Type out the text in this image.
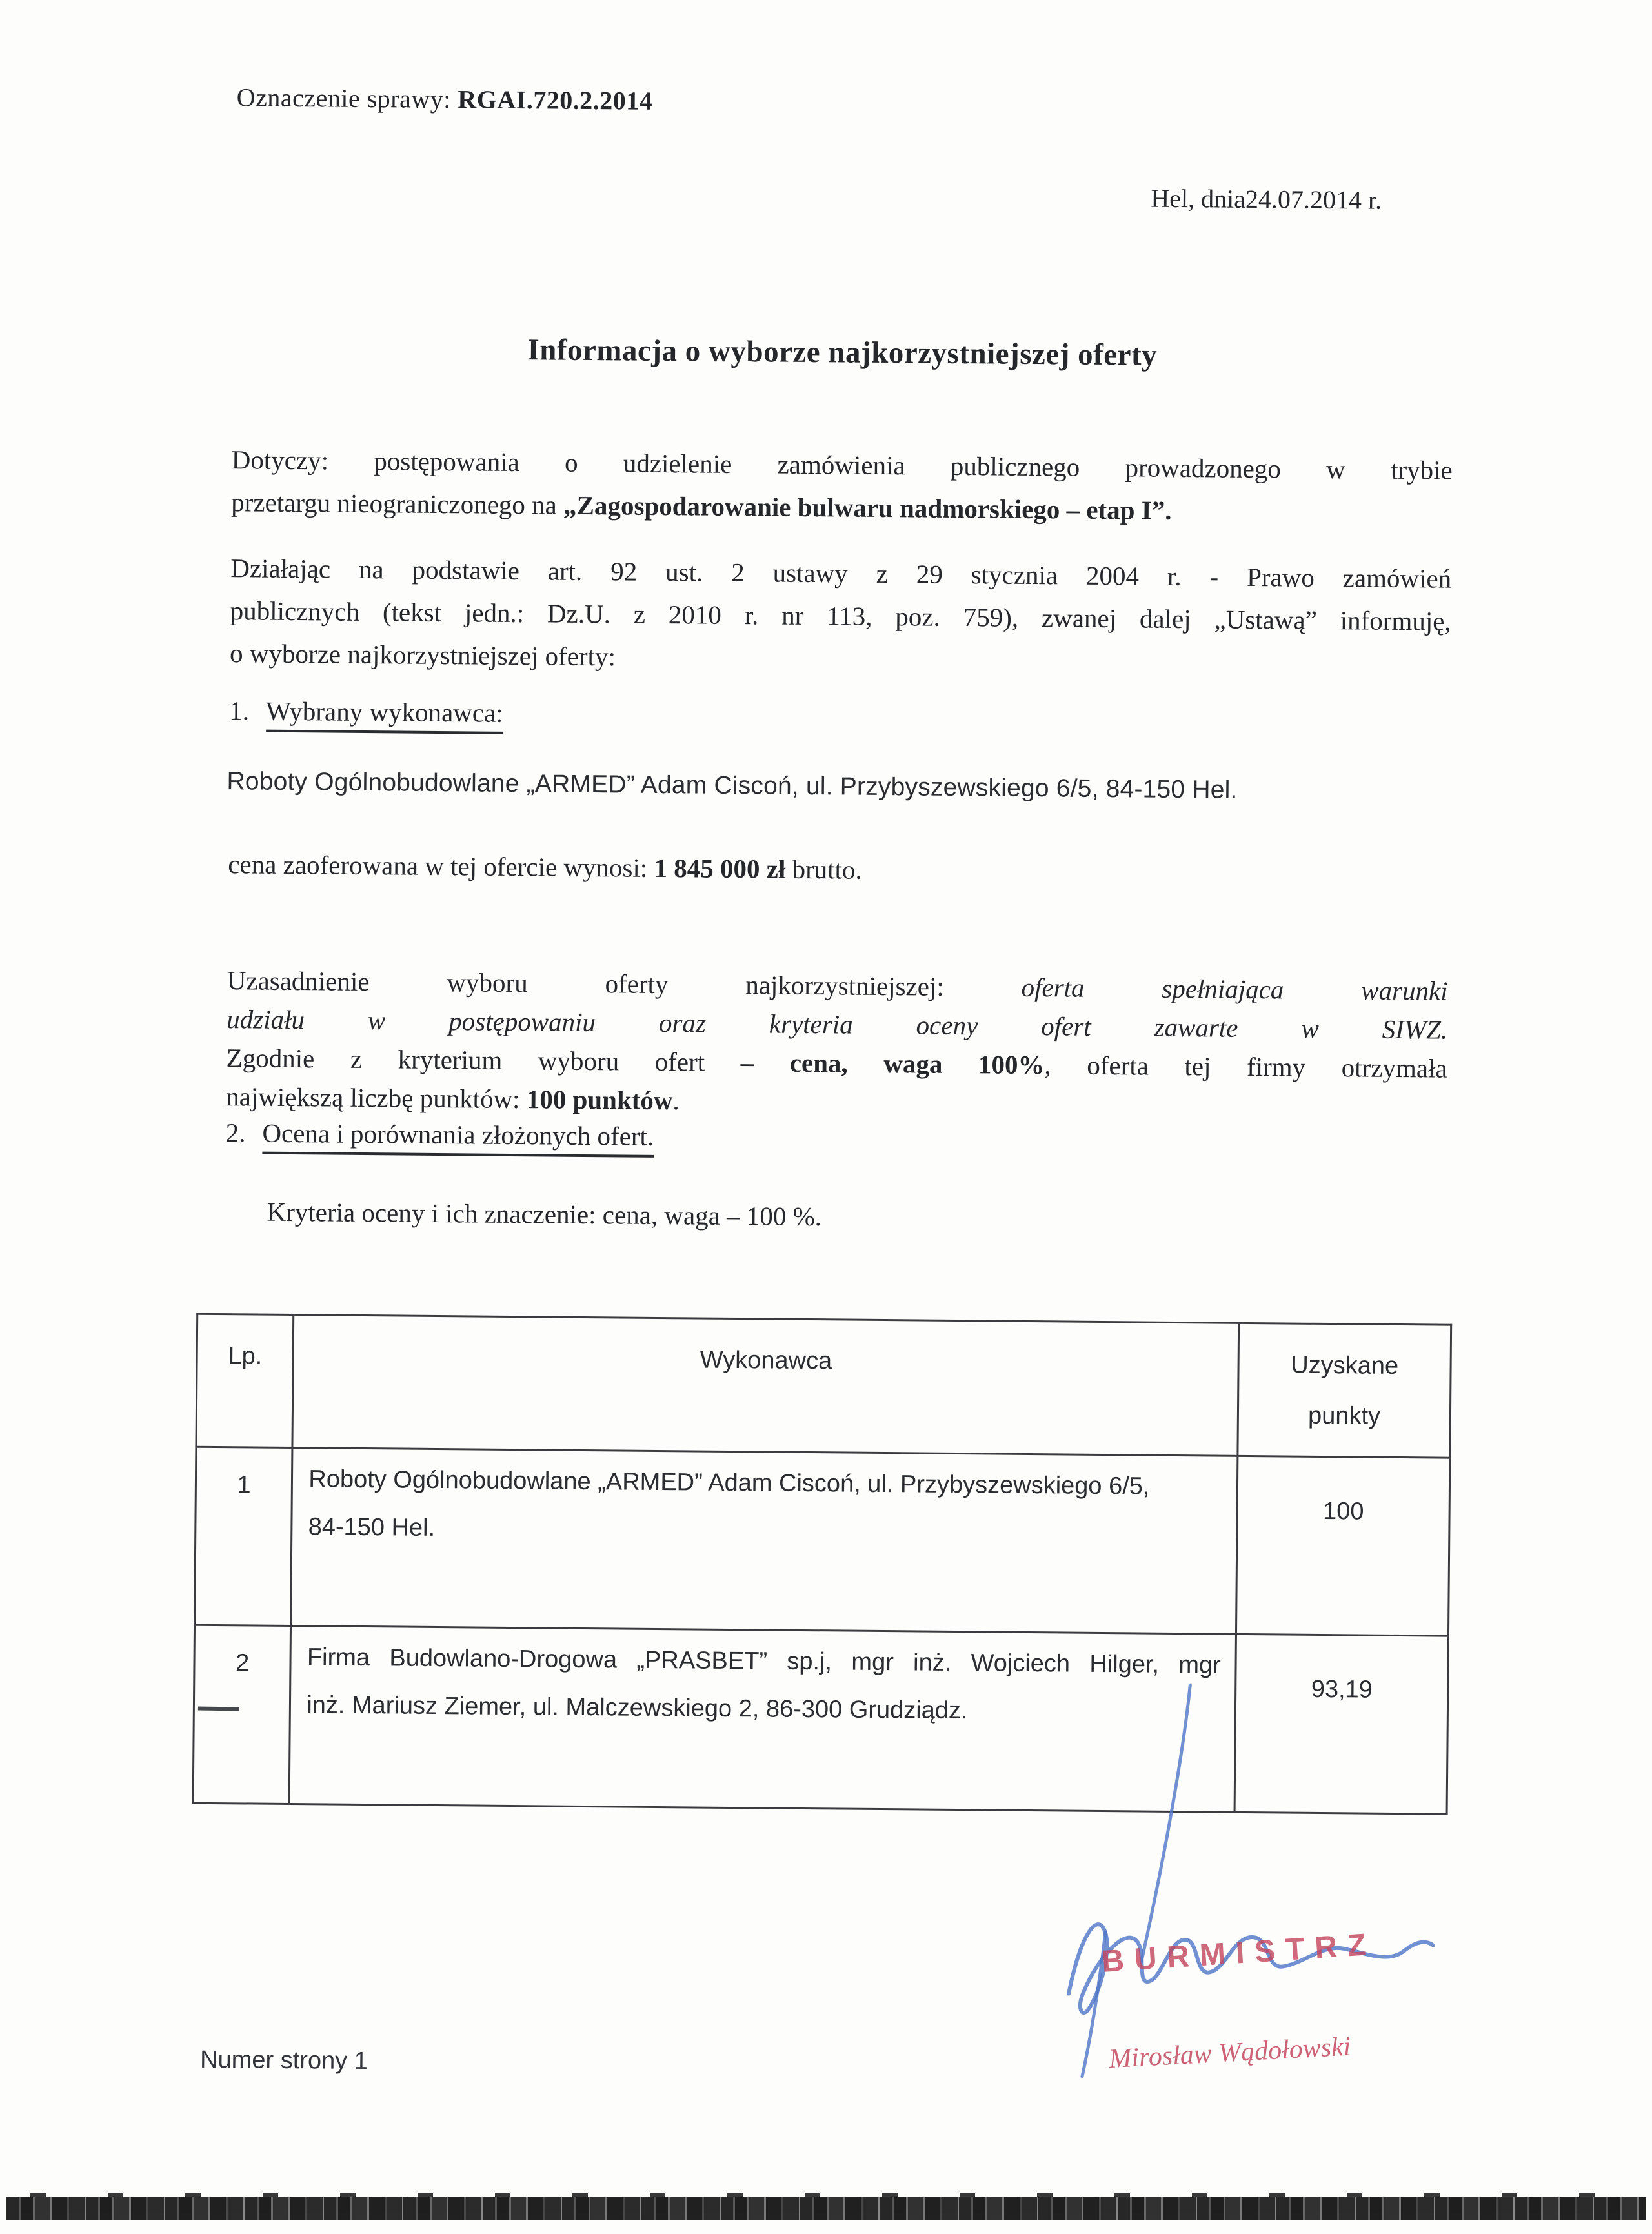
Oznaczenie sprawy: RGAI.720.2.2014
Hel, dnia24.07.2014 r.
Informacja o wyborze najkorzystniejszej oferty
Dotyczy: postępowania o udzielenie zamówienia publicznego prowadzonego w trybie
przetargu nieograniczonego na „Zagospodarowanie bulwaru nadmorskiego – etap I”.
Działając na podstawie art. 92 ust. 2 ustawy z 29 stycznia 2004 r. - Prawo zamówień
publicznych (tekst jedn.: Dz.U. z 2010 r. nr 113, poz. 759), zwanej dalej „Ustawą” informuję,
o wyborze najkorzystniejszej oferty:
1. Wybrany wykonawca:
Roboty Ogólnobudowlane „ARMED” Adam Ciscoń, ul. Przybyszewskiego 6/5, 84-150 Hel.
cena zaoferowana w tej ofercie wynosi: 1 845 000 zł brutto.
Uzasadnienie wyboru oferty najkorzystniejszej: oferta spełniająca warunki
udziału w postępowaniu oraz kryteria oceny ofert zawarte w SIWZ.
Zgodnie z kryterium wyboru ofert – cena, waga 100%, oferta tej firmy otrzymała
największą liczbę punktów: 100 punktów.
2. Ocena i porównania złożonych ofert.
Kryteria oceny i ich znaczenie: cena, waga – 100 %.
Lp.	Wykonawca	Uzyskane
punkty

1	Roboty Ogólnobudowlane „ARMED” Adam Ciscoń, ul. Przybyszewskiego 6/5,
84-150 Hel.	100
2	Firma Budowlano-Drogowa „PRASBET” sp.j, mgr inż. Wojciech Hilger, mgr
inż. Mariusz Ziemer, ul. Malczewskiego 2, 86-300 Grudziądz.	93,19
BURMISTRZ
Mirosław Wądołowski
Numer strony 1
